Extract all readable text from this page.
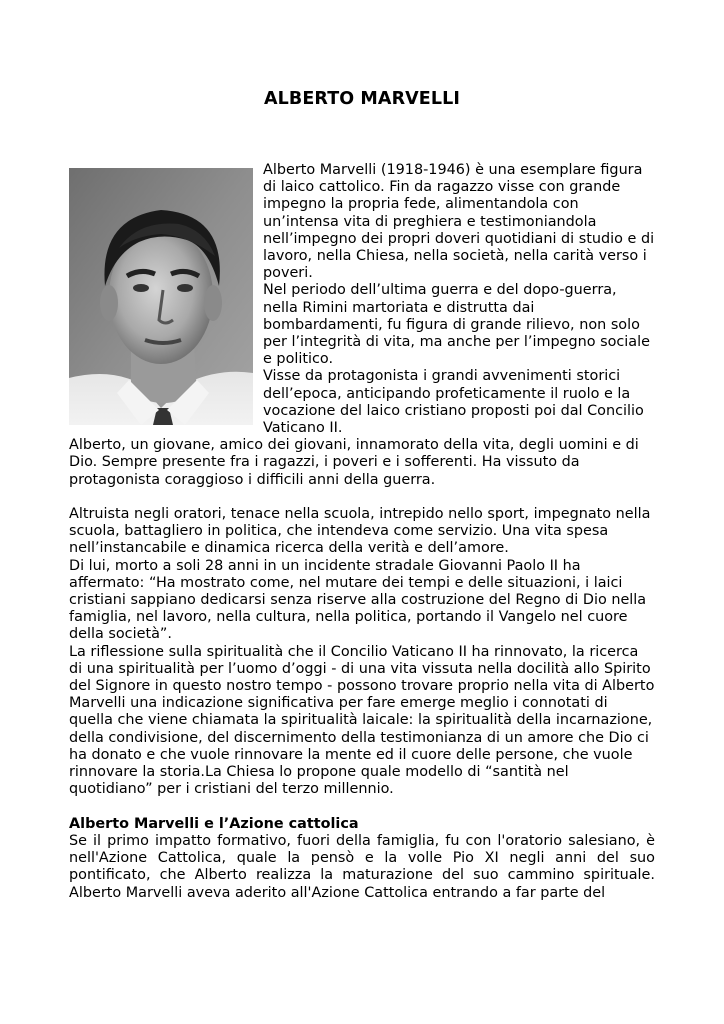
ALBERTO MARVELLI

Alberto Marvelli (1918-1946) è una esemplare figura di laico cattolico. Fin da ragazzo visse con grande impegno la propria fede, alimentandola con un’intensa vita di preghiera e testimoniandola nell’impegno dei propri doveri quotidiani di studio e di lavoro, nella Chiesa, nella società, nella carità verso i poveri.

Nel periodo dell’ultima guerra e del dopo-guerra, nella Rimini martoriata e distrutta dai bombardamenti, fu figura di grande rilievo, non solo per l’integrità di vita, ma anche per l’impegno sociale e politico.

Visse da protagonista i grandi avvenimenti storici dell’epoca, anticipando profeticamente il ruolo e la vocazione del laico cristiano proposti poi dal Concilio Vaticano II.

Alberto, un giovane, amico dei giovani, innamorato della vita, degli uomini e di Dio. Sempre presente fra i ragazzi, i poveri e i sofferenti. Ha vissuto da protagonista coraggioso i difficili anni della guerra.

Altruista negli oratori, tenace nella scuola, intrepido nello sport, impegnato nella scuola, battagliero in politica, che intendeva come servizio. Una vita spesa nell’instancabile e dinamica ricerca della verità e dell’amore.

Di lui, morto a soli 28 anni in un incidente stradale Giovanni Paolo II ha affermato: “Ha mostrato come, nel mutare dei tempi e delle situazioni, i laici cristiani sappiano dedicarsi senza riserve alla costruzione del Regno di Dio nella famiglia, nel lavoro, nella cultura, nella politica, portando il Vangelo nel cuore della società”.

La riflessione sulla spiritualità che il Concilio Vaticano II ha rinnovato, la ricerca di una spiritualità per l’uomo d’oggi - di una vita vissuta nella docilità allo Spirito del Signore in questo nostro tempo - possono trovare proprio nella vita di Alberto Marvelli una indicazione significativa per fare emerge meglio i connotati di quella che viene chiamata la spiritualità laicale: la spiritualità della incarnazione, della condivisione, del discernimento della testimonianza di un amore che Dio ci ha donato e che vuole rinnovare la mente ed il cuore delle persone, che vuole rinnovare la storia.La Chiesa lo propone quale modello di “santità nel quotidiano” per i cristiani del terzo millennio.

Alberto Marvelli e l’Azione cattolica

Se il primo impatto formativo, fuori della famiglia, fu con l'oratorio salesiano, è nell'Azione Cattolica, quale la pensò e la volle Pio XI negli anni del suo pontificato, che Alberto realizza la maturazione del suo cammino spirituale. Alberto Marvelli aveva aderito all'Azione Cattolica entrando a far parte del
